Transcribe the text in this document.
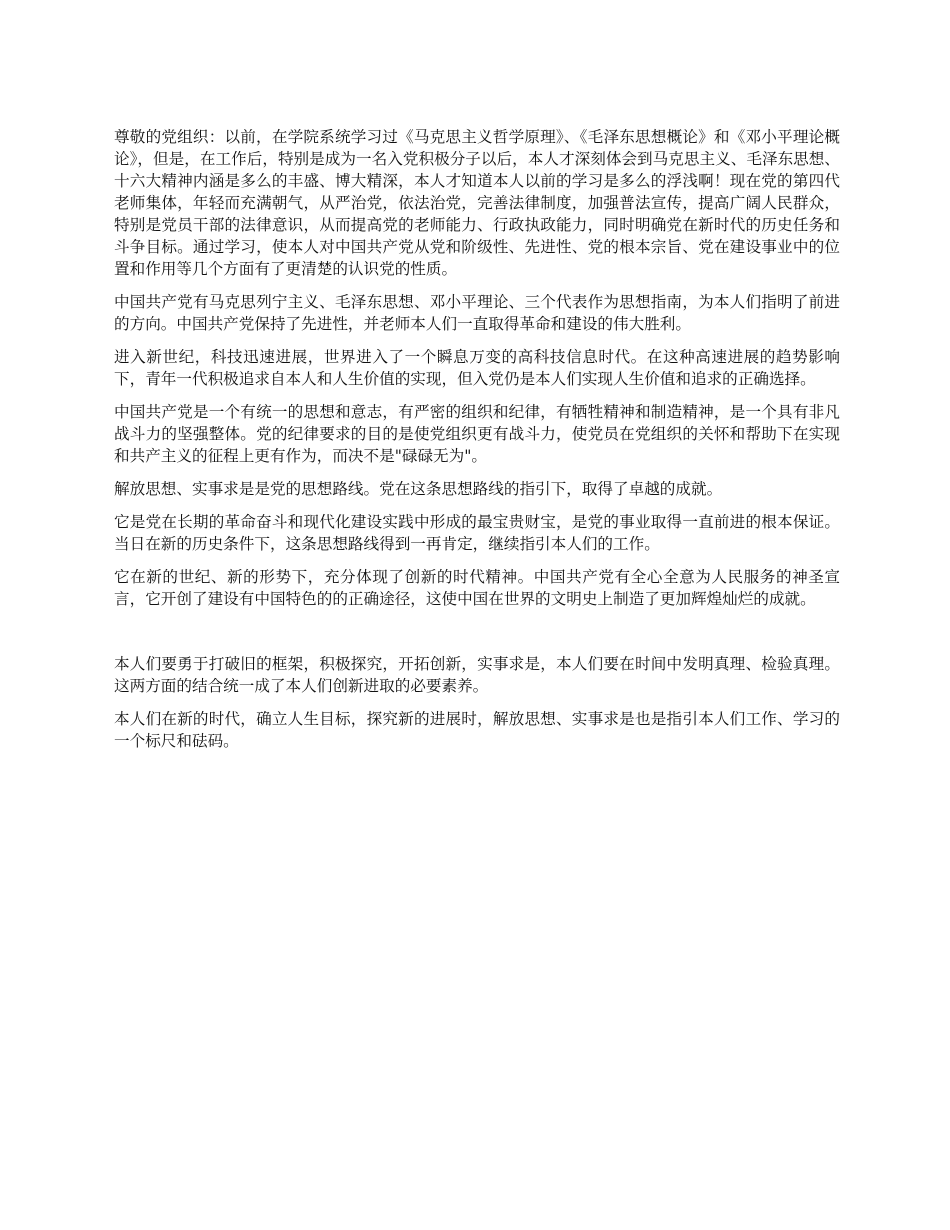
尊敬的党组织：以前，在学院系统学习过《马克思主义哲学原理》、《毛泽东思想概论》和《邓小平理论概论》，但是，在工作后，特别是成为一名入党积极分子以后，本人才深刻体会到马克思主义、毛泽东思想、十六大精神内涵是多么的丰盛、博大精深，本人才知道本人以前的学习是多么的浮浅啊！现在党的第四代老师集体，年轻而充满朝气，从严治党，依法治党，完善法律制度，加强普法宣传，提高广阔人民群众，特别是党员干部的法律意识，从而提高党的老师能力、行政执政能力，同时明确党在新时代的历史任务和斗争目标。通过学习，使本人对中国共产党从党和阶级性、先进性、党的根本宗旨、党在建设事业中的位置和作用等几个方面有了更清楚的认识党的性质。

中国共产党有马克思列宁主义、毛泽东思想、邓小平理论、三个代表作为思想指南，为本人们指明了前进的方向。中国共产党保持了先进性，并老师本人们一直取得革命和建设的伟大胜利。

进入新世纪，科技迅速进展，世界进入了一个瞬息万变的高科技信息时代。在这种高速进展的趋势影响下，青年一代积极追求自本人和人生价值的实现，但入党仍是本人们实现人生价值和追求的正确选择。

中国共产党是一个有统一的思想和意志，有严密的组织和纪律，有牺牲精神和制造精神，是一个具有非凡战斗力的坚强整体。党的纪律要求的目的是使党组织更有战斗力，使党员在党组织的关怀和帮助下在实现和共产主义的征程上更有作为，而决不是"碌碌无为"。

解放思想、实事求是是党的思想路线。党在这条思想路线的指引下，取得了卓越的成就。

它是党在长期的革命奋斗和现代化建设实践中形成的最宝贵财宝，是党的事业取得一直前进的根本保证。当日在新的历史条件下，这条思想路线得到一再肯定，继续指引本人们的工作。

它在新的世纪、新的形势下，充分体现了创新的时代精神。中国共产党有全心全意为人民服务的神圣宣言，它开创了建设有中国特色的的正确途径，这使中国在世界的文明史上制造了更加辉煌灿烂的成就。

本人们要勇于打破旧的框架，积极探究，开拓创新，实事求是，本人们要在时间中发明真理、检验真理。这两方面的结合统一成了本人们创新进取的必要素养。

本人们在新的时代，确立人生目标，探究新的进展时，解放思想、实事求是也是指引本人们工作、学习的一个标尺和砝码。
